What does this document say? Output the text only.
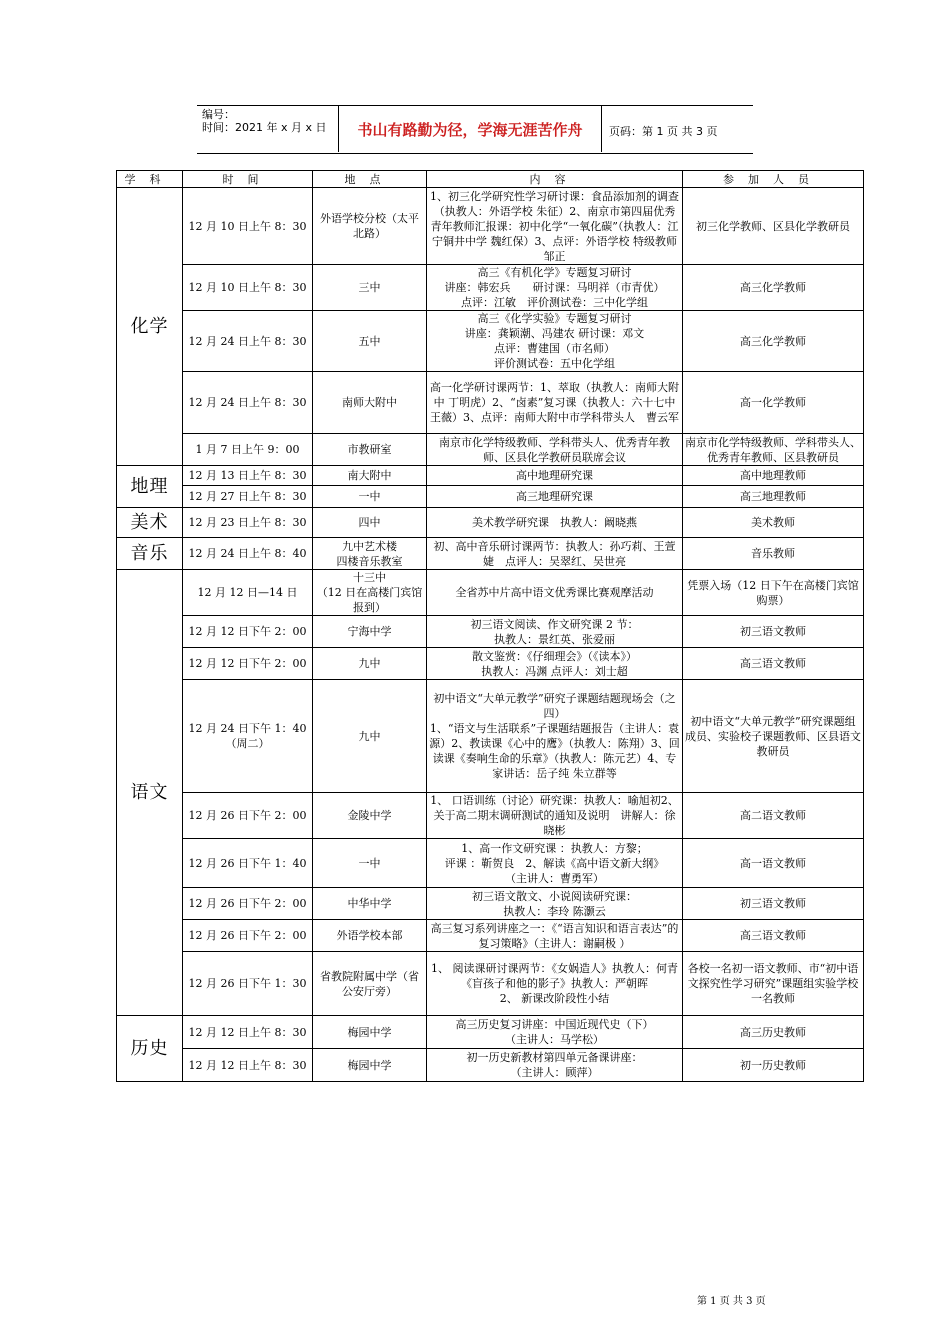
编号：
时间：2021 年 x 月 x 日 书山有路勤为径，学海无涯苦作舟 页码：第 1 页 共 3 页
学科	时间	地点	内容	参加人员
化学	12 月 10 日上午 8：30	外语学校分校（太平北路）	1、初三化学研究性学习研讨课：食品添加剂的调查（执教人：外语学校 朱征）2、南京市第四届优秀青年教师汇报课：初中化学“一氧化碳”（执教人：江宁铜井中学 魏红保）3、点评：外语学校 特级教师 邹正	初三化学教师、区县化学教研员
	12 月 10 日上午 8：30	三中	高三《有机化学》专题复习研讨
讲座：韩宏兵　　研讨课：马明祥（市青优）
点评：江敏　评价测试卷：三中化学组	高三化学教师
	12 月 24 日上午 8：30	五中	高三《化学实验》专题复习研讨
讲座：龚颖潮、冯建农 研讨课：邓文
点评：曹建国（市名师）
评价测试卷：五中化学组	高三化学教师
	12 月 24 日上午 8：30	南师大附中	高一化学研讨课两节：1、萃取（执教人：南师大附中 丁明虎）2、“卤素”复习课（执教人：六十七中 王薇）3、点评：南师大附中市学科带头人　曹云军	高一化学教师
	1 月 7 日上午 9：00	市教研室	南京市化学特级教师、学科带头人、优秀青年教师、区县化学教研员联席会议	南京市化学特级教师、学科带头人、优秀青年教师、区县教研员
地理	12 月 13 日上午 8：30	南大附中	高中地理研究课	高中地理教师
	12 月 27 日上午 8：30	一中	高三地理研究课	高三地理教师
美术	12 月 23 日上午 8：30	四中	美术教学研究课　执教人：阚晓燕	美术教师
音乐	12 月 24 日上午 8：40	九中艺术楼
四楼音乐教室	初、高中音乐研讨课两节：执教人：孙巧莉、王萱婕　点评人：吴翠红、吴世亮	音乐教师
语文	12 月 12 日—14 日	十三中
（12 日在高楼门宾馆报到）	全省苏中片高中语文优秀课比赛观摩活动	凭票入场（12 日下午在高楼门宾馆购票）
	12 月 12 日下午 2：00	宁海中学	初三语文阅读、作文研究课 2 节：
执教人：景红英、张爱丽	初三语文教师
	12 月 12 日下午 2：00	九中	散文鉴赏：《仔细理会》（《读本》）
执教人：冯渊 点评人：刘士超	高三语文教师
	12 月 24 日下午 1：40
（周二）	九中	初中语文“大单元教学”研究子课题结题现场会（之四）
1、“语文与生活联系”子课题结题报告（主讲人：袁源）2、教读课《心中的鹰》（执教人：陈翔）3、回读课《奏响生命的乐章》（执教人：陈元艺）4、专家讲话：岳子纯 朱立群等	初中语文“大单元教学”研究课题组成员、实验校子课题教师、区县语文教研员
	12 月 26 日下午 2：00	金陵中学	1、 口语训练（讨论）研究课：执教人：喻旭初2、关于高二期末调研测试的通知及说明　讲解人：徐晓彬	高二语文教师
	12 月 26 日下午 1：40	一中	1、高一作文研究课 ：执教人：方黎；
评课 ：靳贺良　2、解读《高中语文新大纲》
（主讲人：曹勇军）	高一语文教师
	12 月 26 日下午 2：00	中华中学	初三语文散文、小说阅读研究课：
执教人：李玲 陈灏云	初三语文教师
	12 月 26 日下午 2：00	外语学校本部	高三复习系列讲座之一：《“语言知识和语言表达”的复习策略》（主讲人：谢嗣极 ）	高三语文教师
	12 月 26 日下午 1：30	省教院附属中学（省公安厅旁）	1、 阅读课研讨课两节：《女娲造人》执教人：何青《盲孩子和他的影子》执教人：严朝晖
2、 新课改阶段性小结	各校一名初一语文教师、市“初中语文探究性学习研究”课题组实验学校一名教师
历史	12 月 12 日上午 8：30	梅园中学	高三历史复习讲座：中国近现代史（下）
（主讲人：马学松）	高三历史教师
	12 月 12 日上午 8：30	梅园中学	初一历史新教材第四单元备课讲座：
（主讲人：顾萍）	初一历史教师
第 1 页 共 3 页
